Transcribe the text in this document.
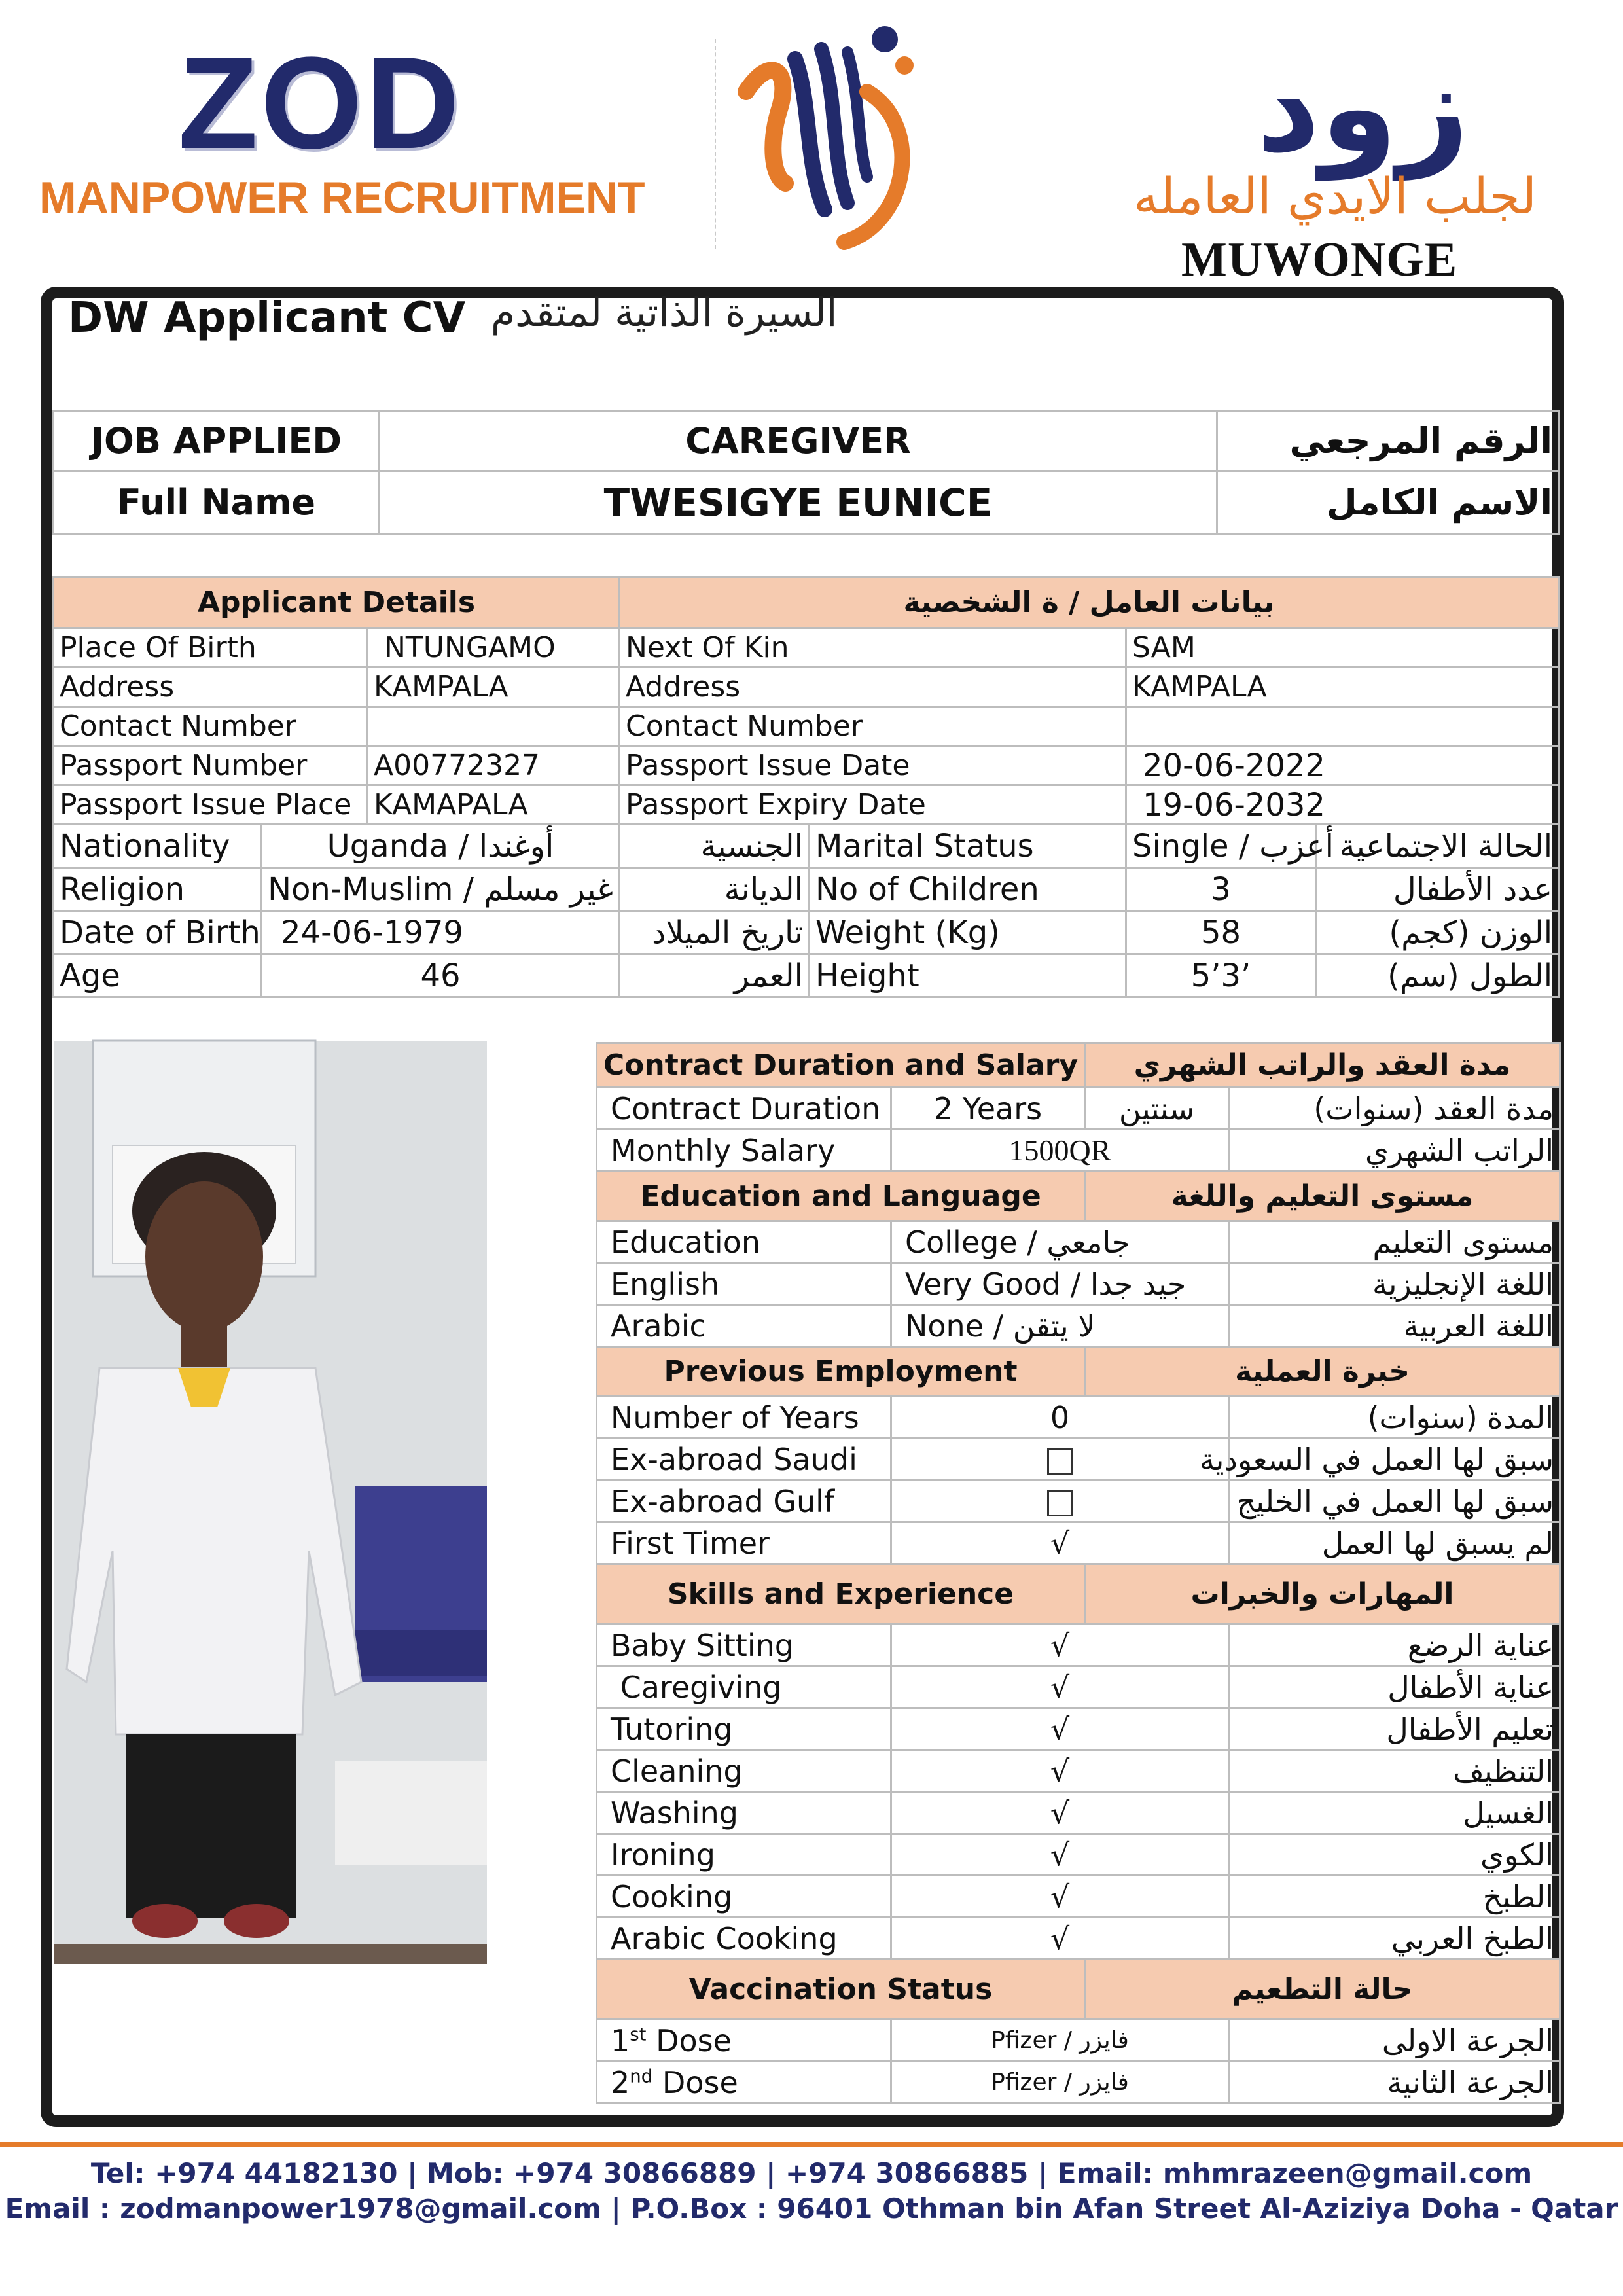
ZOD
MANPOWER RECRUITMENT
زود
لجلب الايدي العامله
MUWONGE
DW Applicant CV السيرة الذاتية لمتقدم
JOB APPLIED	CAREGIVER	الرقم المرجعي
Full Name	TWESIGYE EUNICE	الاسم الكامل
Applicant Details			بيانات العامل / ة الشخصية			
Place Of Birth		NTUNGAMO	Next Of Kin		SAM	
Address		KAMPALA	Address		KAMPALA	
Contact Number			Contact Number			
Passport Number		A00772327	Passport Issue Date		20-06-2022	
Passport Issue Place		KAMAPALA	Passport Expiry Date		19-06-2032	
Nationality	Uganda / أوغندا		الجنسية	Marital Status	Single / أعزب	الحالة الاجتماعية
Religion	Non-Muslim / غير مسلم		الديانة	No of Children	3	عدد الأطفال
Date of Birth	24-06-1979		تاريخ الميلاد	Weight (Kg)	58	الوزن (كجم)
Age	46		العمر	Height	5’3’	الطول (سم)
Contract Duration and Salary		مدة العقد والراتب الشهري	
Contract Duration	2 Years	سنتين	مدة العقد (سنوات)
Monthly Salary	1500QR		الراتب الشهري
Education and Language		مستوى التعليم واللغة	
Education	College / جامعي		مستوى التعليم
English	Very Good / جيد جدا		اللغة الإنجليزية
Arabic	None / لا يتقن		اللغة العربية
Previous Employment		خبرة العملية	
Number of Years	0		المدة (سنوات)
Ex-abroad Saudi			سبق لها العمل في السعودية
Ex-abroad Gulf			سبق لها العمل في الخليج
First Timer	√		لم يسبق لها العمل
Skills and Experience		المهارات والخبرات	
Baby Sitting	√		عناية الرضع
Caregiving	√		عناية الأطفال
Tutoring	√		تعليم الأطفال
Cleaning	√		التنظيف
Washing	√		الغسيل
Ironing	√		الكوي
Cooking	√		الطبخ
Arabic Cooking	√		الطبخ العربي
Vaccination Status		حالة التطعيم	
1st Dose	Pfizer / فايزر		الجرعة الاولى
2nd Dose	Pfizer / فايزر		الجرعة الثانية
Tel: +974 44182130 | Mob: +974 30866889 | +974 30866885 | Email: mhmrazeen@gmail.com
Email : zodmanpower1978@gmail.com | P.O.Box : 96401 Othman bin Afan Street Al-Aziziya Doha - Qatar
